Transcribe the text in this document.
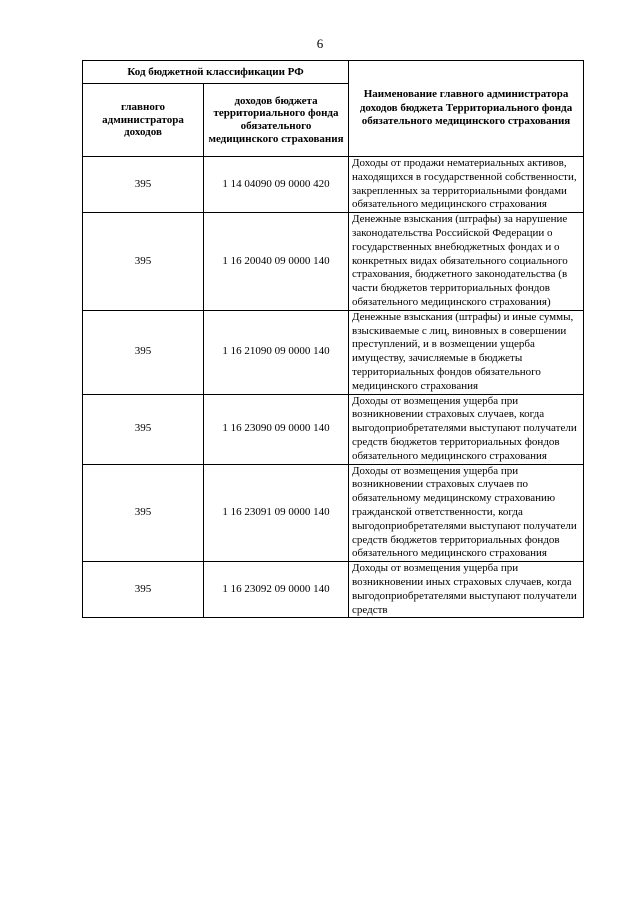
6
Код бюджетной классификации РФ		Наименование главного администратора доходов бюджета Территориального фонда обязательного медицинского страхования
главного администратора доходов	доходов бюджета территориального фонда обязательного медицинского страхования	
395	1 14 04090 09 0000 420	Доходы от продажи нематериальных активов, находящихся в государственной собственности, закрепленных за территориальными фондами обязательного медицинского страхования
395	1 16 20040 09 0000 140	Денежные взыскания (штрафы) за нарушение законодательства Российской Федерации о государственных внебюджетных фондах и о конкретных видах обязательного социального страхования, бюджетного законодательства (в части бюджетов территориальных фондов обязательного медицинского страхования)
395	1 16 21090 09 0000 140	Денежные взыскания (штрафы) и иные суммы, взыскиваемые с лиц, виновных в совершении преступлений, и в возмещении ущерба имуществу, зачисляемые в бюджеты территориальных фондов обязательного медицинского страхования
395	1 16 23090 09 0000 140	Доходы от возмещения ущерба при возникновении страховых случаев, когда выгодоприобретателями выступают получатели средств бюджетов территориальных фондов обязательного медицинского страхования
395	1 16 23091 09 0000 140	Доходы от возмещения ущерба при возникновении страховых случаев по обязательному медицинскому страхованию гражданской ответственности, когда выгодоприобретателями выступают получатели средств бюджетов территориальных фондов обязательного медицинского страхования
395	1 16 23092 09 0000 140	Доходы от возмещения ущерба при возникновении иных страховых случаев, когда выгодоприобретателями выступают получатели средств
